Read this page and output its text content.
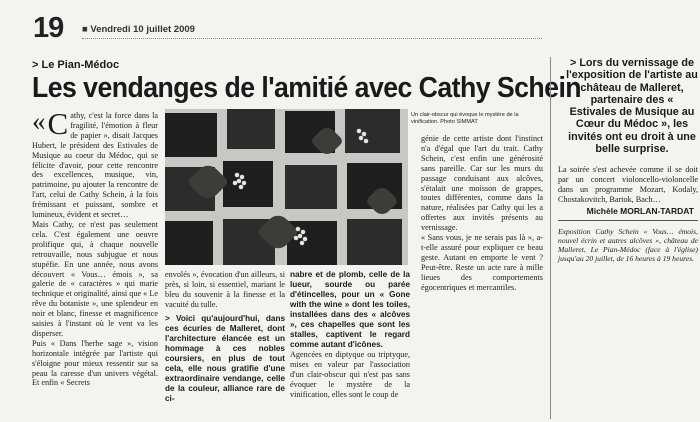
19 ■ Vendredi 10 juillet 2009
> Le Pian-Médoc
Les vendanges de l'amitié avec Cathy Schein
« C athy, c'est la force dans la fragilité, l'émotion à fleur de papier », disait Jacques Hubert, le président des Estivales de Musique au coeur du Médoc, qui se félicite d'avoir, pour cette rencontre des excellences, musique, vin, patrimoine, pu ajouter la rencontre de l'art, celui de Cathy Schein, à la fois frémissant et puissant, sombre et lumineux, évident et secret…

Mais Cathy, ce n'est pas seulement cela. C'est également une oeuvre prolifique qui, à chaque nouvelle retrouvaille, nous subjugue et nous stupéfie. En une année, nous avons découvert « Vous… émois », sa galerie de « caractères » qui marie technique et originalité, ainsi que « Le rêve du botaniste », une splendeur en noir et blanc, finesse et magnificence saisies à l'instant où le vent va les disperser.

Puis « Dans l'herbe sage », vision horizontale intégrée par l'artiste qui s'éloigne pour mieux ressentir sur sa peau la caresse d'un univers végétal. Et enfin « Secrets

Un clair-obscur qui évoque le mystère de la vinification. Photo SIMMAT

envolés », évocation d'un ailleurs, si près, si loin, si essentiel, mariant le bleu du souvenir à la finesse et la vacuité du tulle.

> Voici qu'aujourd'hui, dans ces écuries de Malleret, dont l'architecture élancée est un hommage à ces nobles coursiers, en plus de tout cela, elle nous gratifie d'une extraordinaire vendange, celle de la couleur, alliance rare de ci-

nabre et de plomb, celle de la lueur, sourde ou parée d'étincelles, pour un « Gone with the wine » dont les toiles, installées dans des « alcôves », ces chapelles que sont les stalles, captivent le regard comme autant d'icônes.

Agencées en diptyque ou triptyque, mises en valeur par l'association d'un clair-obscur qui n'est pas sans évoquer le mystère de la vinification, elles sont le coup de

génie de cette artiste dont l'instinct n'a d'égal que l'art du trait. Cathy Schein, c'est enfin une générosité sans pareille. Car sur les murs du passage conduisant aux alcôves, s'étalait une moisson de grappes, toutes différentes, comme dans la nature, réalisées par Cathy qui les a offertes aux invités présents au vernissage.

« Sans vous, je ne serais pas là », a-t-elle assuré pour expliquer ce beau geste. Autant en emporte le vent ? Peut-être. Reste un acte rare à mille lieues des comportements égocentriques et mercantiles.

> Lors du vernissage de l'exposition de l'artiste au château de Malleret, partenaire des « Estivales de Musique au Cœur du Médoc », les invités ont eu droit à une belle surprise.
La soirée s'est achevée comme il se doit par un concert violoncello-violoncelle dans un programme Mozart, Kodaly, Chostakovitch, Bartok, Bach…
Michèle MORLAN-TARDAT
Exposition Cathy Schein « Vous… émois, nouvel écrin et autres alcôves », château de Malleret, Le Pian-Médoc (face à l'église) jusqu'au 20 juillet, de 16 heures à 19 heures.
